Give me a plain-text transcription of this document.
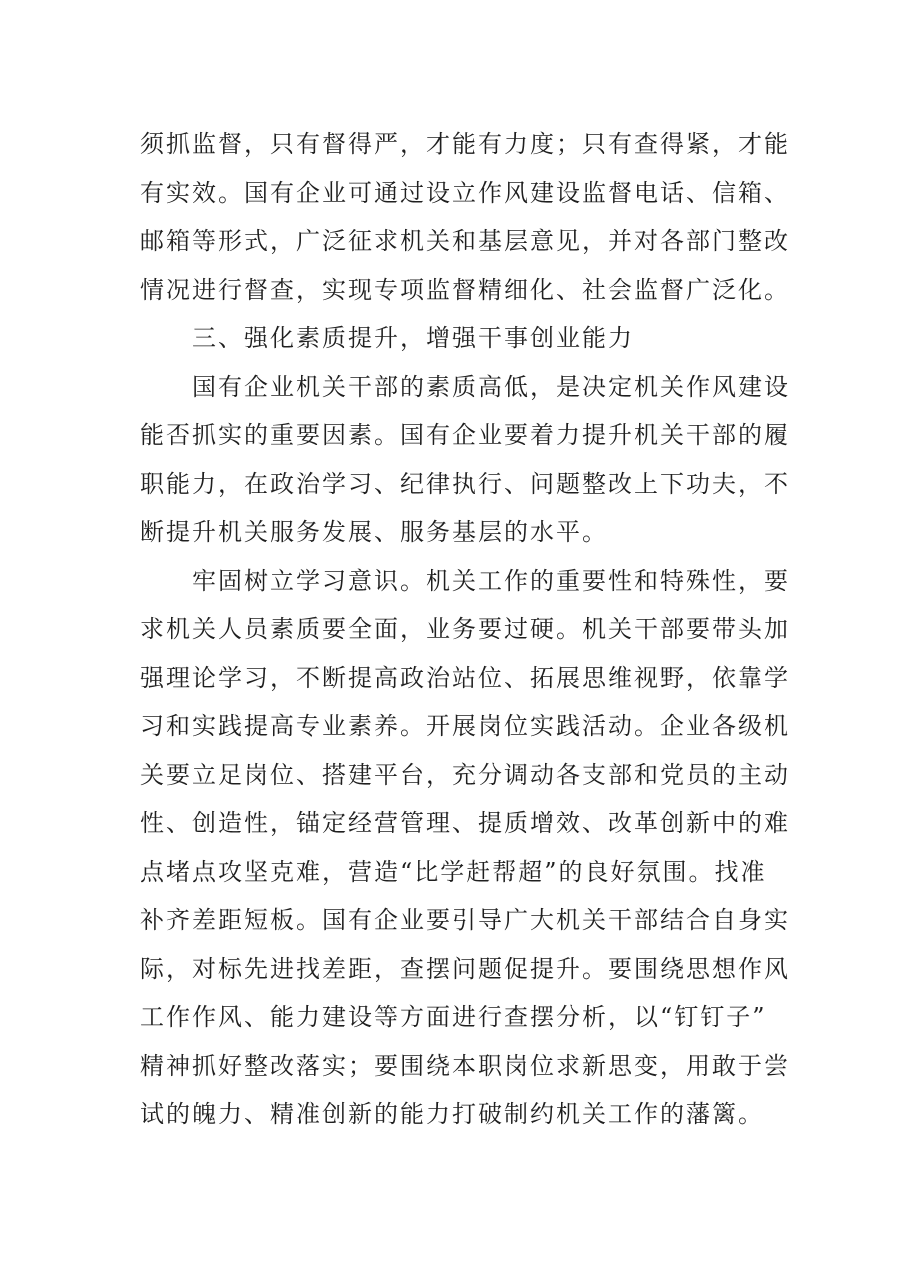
须抓监督，只有督得严，才能有力度；只有查得紧，才能
有实效。国有企业可通过设立作风建设监督电话、信箱、
邮箱等形式，广泛征求机关和基层意见，并对各部门整改
情况进行督查，实现专项监督精细化、社会监督广泛化。
三、强化素质提升，增强干事创业能力
国有企业机关干部的素质高低，是决定机关作风建设
能否抓实的重要因素。国有企业要着力提升机关干部的履
职能力，在政治学习、纪律执行、问题整改上下功夫，不
断提升机关服务发展、服务基层的水平。
牢固树立学习意识。机关工作的重要性和特殊性，要
求机关人员素质要全面，业务要过硬。机关干部要带头加
强理论学习，不断提高政治站位、拓展思维视野，依靠学
习和实践提高专业素养。开展岗位实践活动。企业各级机
关要立足岗位、搭建平台，充分调动各支部和党员的主动
性、创造性，锚定经营管理、提质增效、改革创新中的难
点堵点攻坚克难，营造“比学赶帮超”的良好氛围。找准
补齐差距短板。国有企业要引导广大机关干部结合自身实
际，对标先进找差距，查摆问题促提升。要围绕思想作风
工作作风、能力建设等方面进行查摆分析，以“钉钉子”
精神抓好整改落实；要围绕本职岗位求新思变，用敢于尝
试的魄力、精准创新的能力打破制约机关工作的藩篱。
